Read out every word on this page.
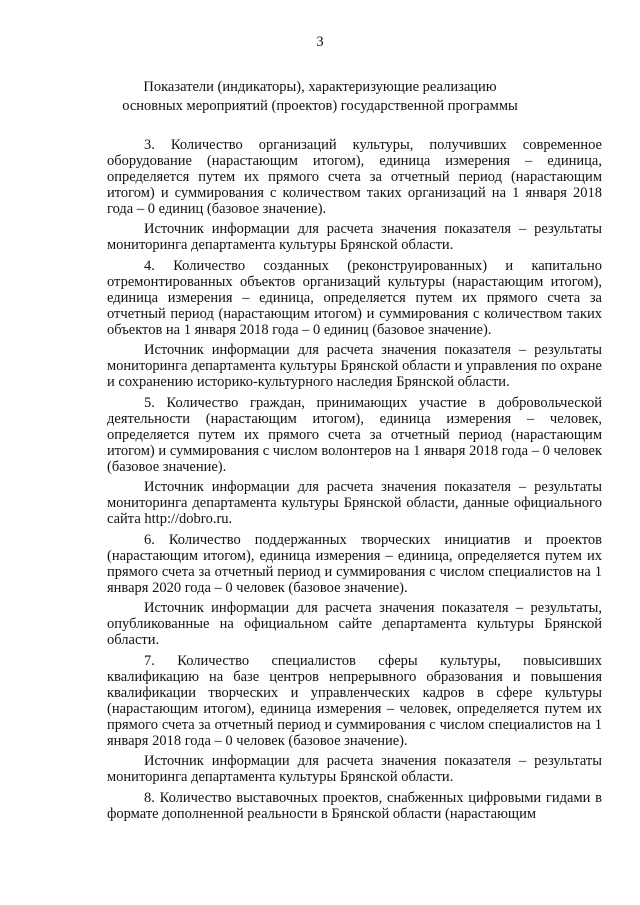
3
Показатели (индикаторы), характеризующие реализацию
основных мероприятий (проектов) государственной программы

3. Количество организаций культуры, получивших современное оборудование (нарастающим итогом), единица измерения – единица, определяется путем их прямого счета за отчетный период (нарастающим итогом) и суммирования с количеством таких организаций на 1 января 2018 года – 0 единиц (базовое значение).

Источник информации для расчета значения показателя – результаты мониторинга департамента культуры Брянской области.

4. Количество созданных (реконструированных) и капитально отремонтированных объектов организаций культуры (нарастающим итогом), единица измерения – единица, определяется путем их прямого счета за отчетный период (нарастающим итогом) и суммирования с количеством таких объектов на 1 января 2018 года – 0 единиц (базовое значение).

Источник информации для расчета значения показателя – результаты мониторинга департамента культуры Брянской области и управления по охране и сохранению историко-культурного наследия Брянской области.

5. Количество граждан, принимающих участие в добровольческой деятельности (нарастающим итогом), единица измерения – человек, определяется путем их прямого счета за отчетный период (нарастающим итогом) и суммирования с числом волонтеров на 1 января 2018 года – 0 человек (базовое значение).

Источник информации для расчета значения показателя – результаты мониторинга департамента культуры Брянской области, данные официального сайта http://dobro.ru.

6. Количество поддержанных творческих инициатив и проектов (нарастающим итогом), единица измерения – единица, определяется путем их прямого счета за отчетный период и суммирования с числом специалистов на 1 января 2020 года – 0 человек (базовое значение).

Источник информации для расчета значения показателя – результаты, опубликованные на официальном сайте департамента культуры Брянской области.

7. Количество специалистов сферы культуры, повысивших квалификацию на базе центров непрерывного образования и повышения квалификации творческих и управленческих кадров в сфере культуры (нарастающим итогом), единица измерения – человек, определяется путем их прямого счета за отчетный период и суммирования с числом специалистов на 1 января 2018 года – 0 человек (базовое значение).

Источник информации для расчета значения показателя – результаты мониторинга департамента культуры Брянской области.

8. Количество выставочных проектов, снабженных цифровыми гидами в формате дополненной реальности в Брянской области (нарастающим
